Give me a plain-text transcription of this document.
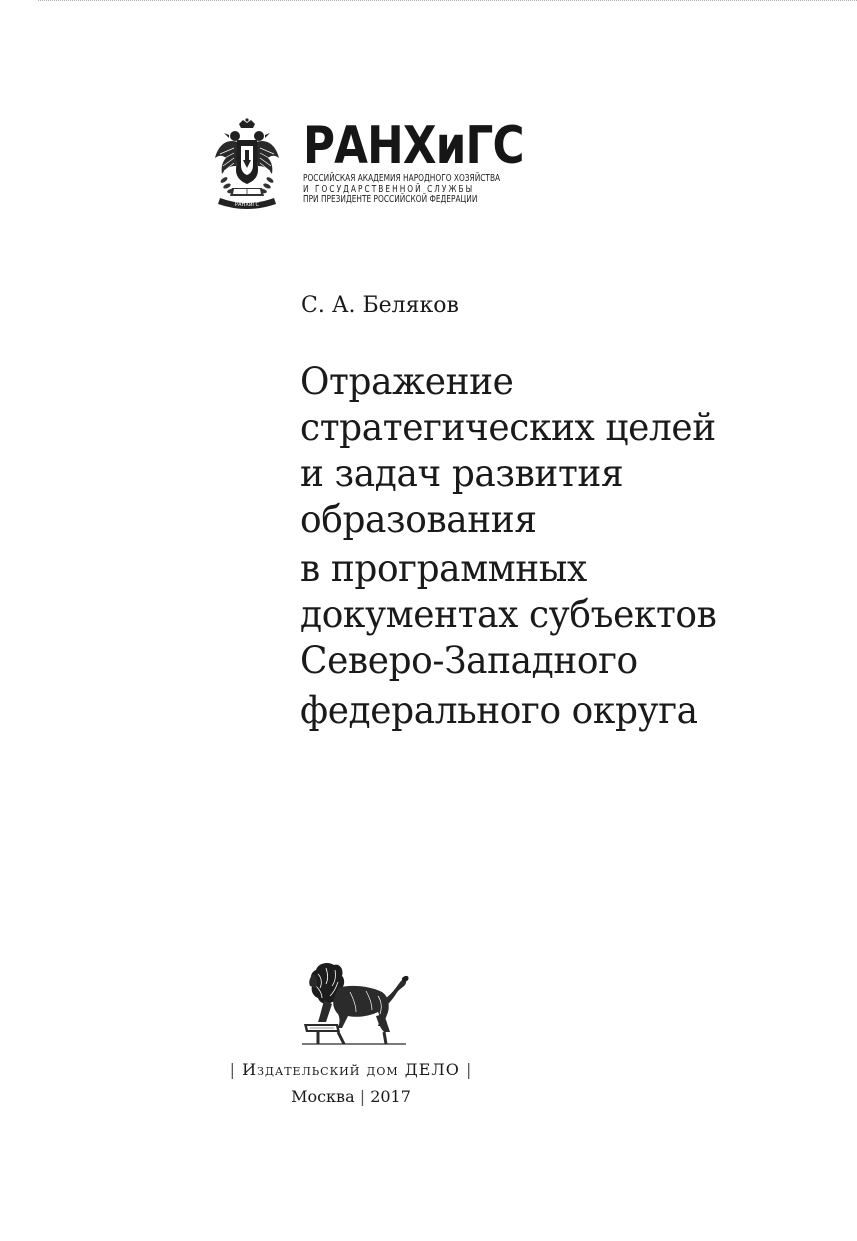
РАНХиГС
РАНХиГС
РОССИЙСКАЯ АКАДЕМИЯ НАРОДНОГО ХОЗЯЙСТВА
И ГОСУДАРСТВЕННОЙ СЛУЖБЫ
ПРИ ПРЕЗИДЕНТЕ РОССИЙСКОЙ ФЕДЕРАЦИИ
С. А. Беляков
Отражение
стратегических целей
и задач развития
образования
в программных
документах субъектов
Северо-Западного
федерального округа
| Издательский дом ДЕЛО |
Москва | 2017
